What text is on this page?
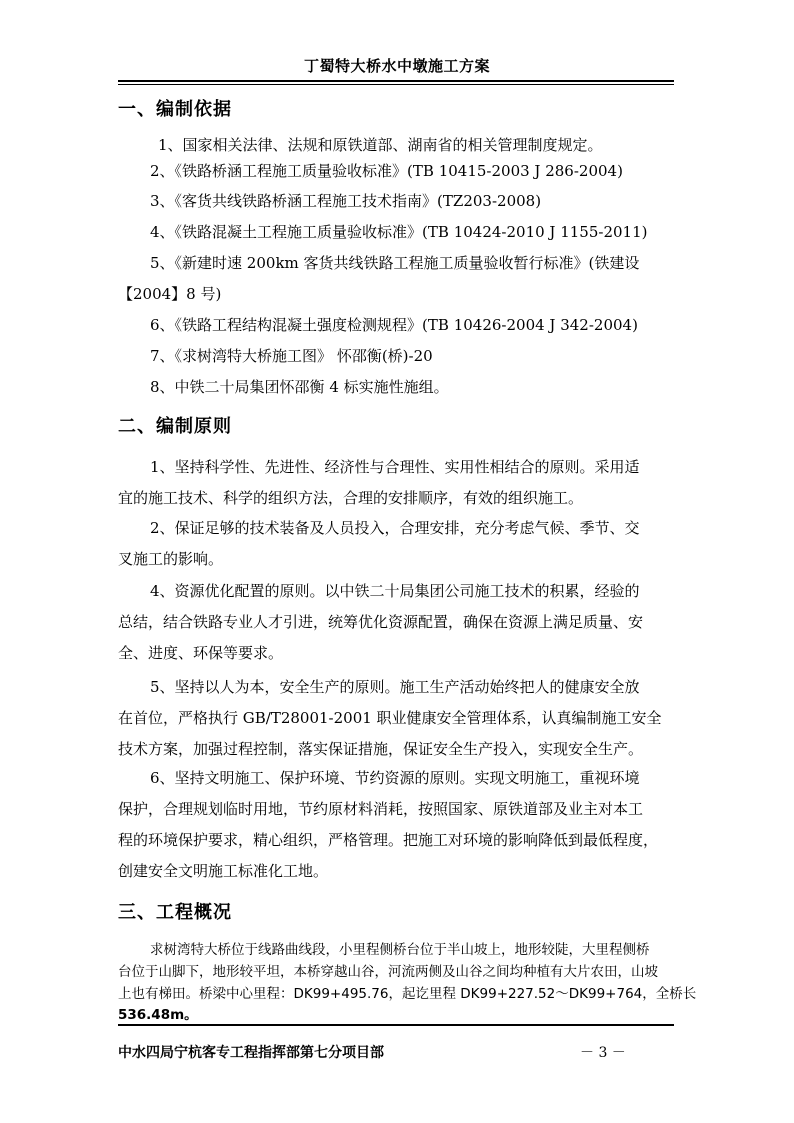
丁蜀特大桥水中墩施工方案
一、编制依据
1、国家相关法律、法规和原铁道部、湖南省的相关管理制度规定。
2、《铁路桥涵工程施工质量验收标准》(TB 10415-2003 J 286-2004)
3、《客货共线铁路桥涵工程施工技术指南》(TZ203-2008)
4、《铁路混凝土工程施工质量验收标准》(TB 10424-2010 J 1155-2011)
5、《新建时速 200km 客货共线铁路工程施工质量验收暂行标准》(铁建设
【2004】8 号)
6、《铁路工程结构混凝土强度检测规程》(TB 10426-2004 J 342-2004)
7、《求树湾特大桥施工图》 怀邵衡(桥)-20
8、中铁二十局集团怀邵衡 4 标实施性施组。
二、编制原则
1、坚持科学性、先进性、经济性与合理性、实用性相结合的原则。采用适
宜的施工技术、科学的组织方法，合理的安排顺序，有效的组织施工。
2、保证足够的技术装备及人员投入，合理安排，充分考虑气候、季节、交
叉施工的影响。
4、资源优化配置的原则。以中铁二十局集团公司施工技术的积累，经验的
总结，结合铁路专业人才引进，统筹优化资源配置，确保在资源上满足质量、安
全、进度、环保等要求。
5、坚持以人为本，安全生产的原则。施工生产活动始终把人的健康安全放
在首位，严格执行 GB/T28001-2001 职业健康安全管理体系，认真编制施工安全
技术方案，加强过程控制，落实保证措施，保证安全生产投入，实现安全生产。
6、坚持文明施工、保护环境、节约资源的原则。实现文明施工，重视环境
保护，合理规划临时用地，节约原材料消耗，按照国家、原铁道部及业主对本工
程的环境保护要求，精心组织，严格管理。把施工对环境的影响降低到最低程度，
创建安全文明施工标准化工地。
三、工程概况
求树湾特大桥位于线路曲线段，小里程侧桥台位于半山坡上，地形较陡，大里程侧桥
台位于山脚下，地形较平坦，本桥穿越山谷，河流两侧及山谷之间均种植有大片农田，山坡
上也有梯田。桥梁中心里程：DK99+495.76，起讫里程 DK99+227.52～DK99+764，全桥长
536.48m。
中水四局宁杭客专工程指挥部第七分项目部	－ 3 －
